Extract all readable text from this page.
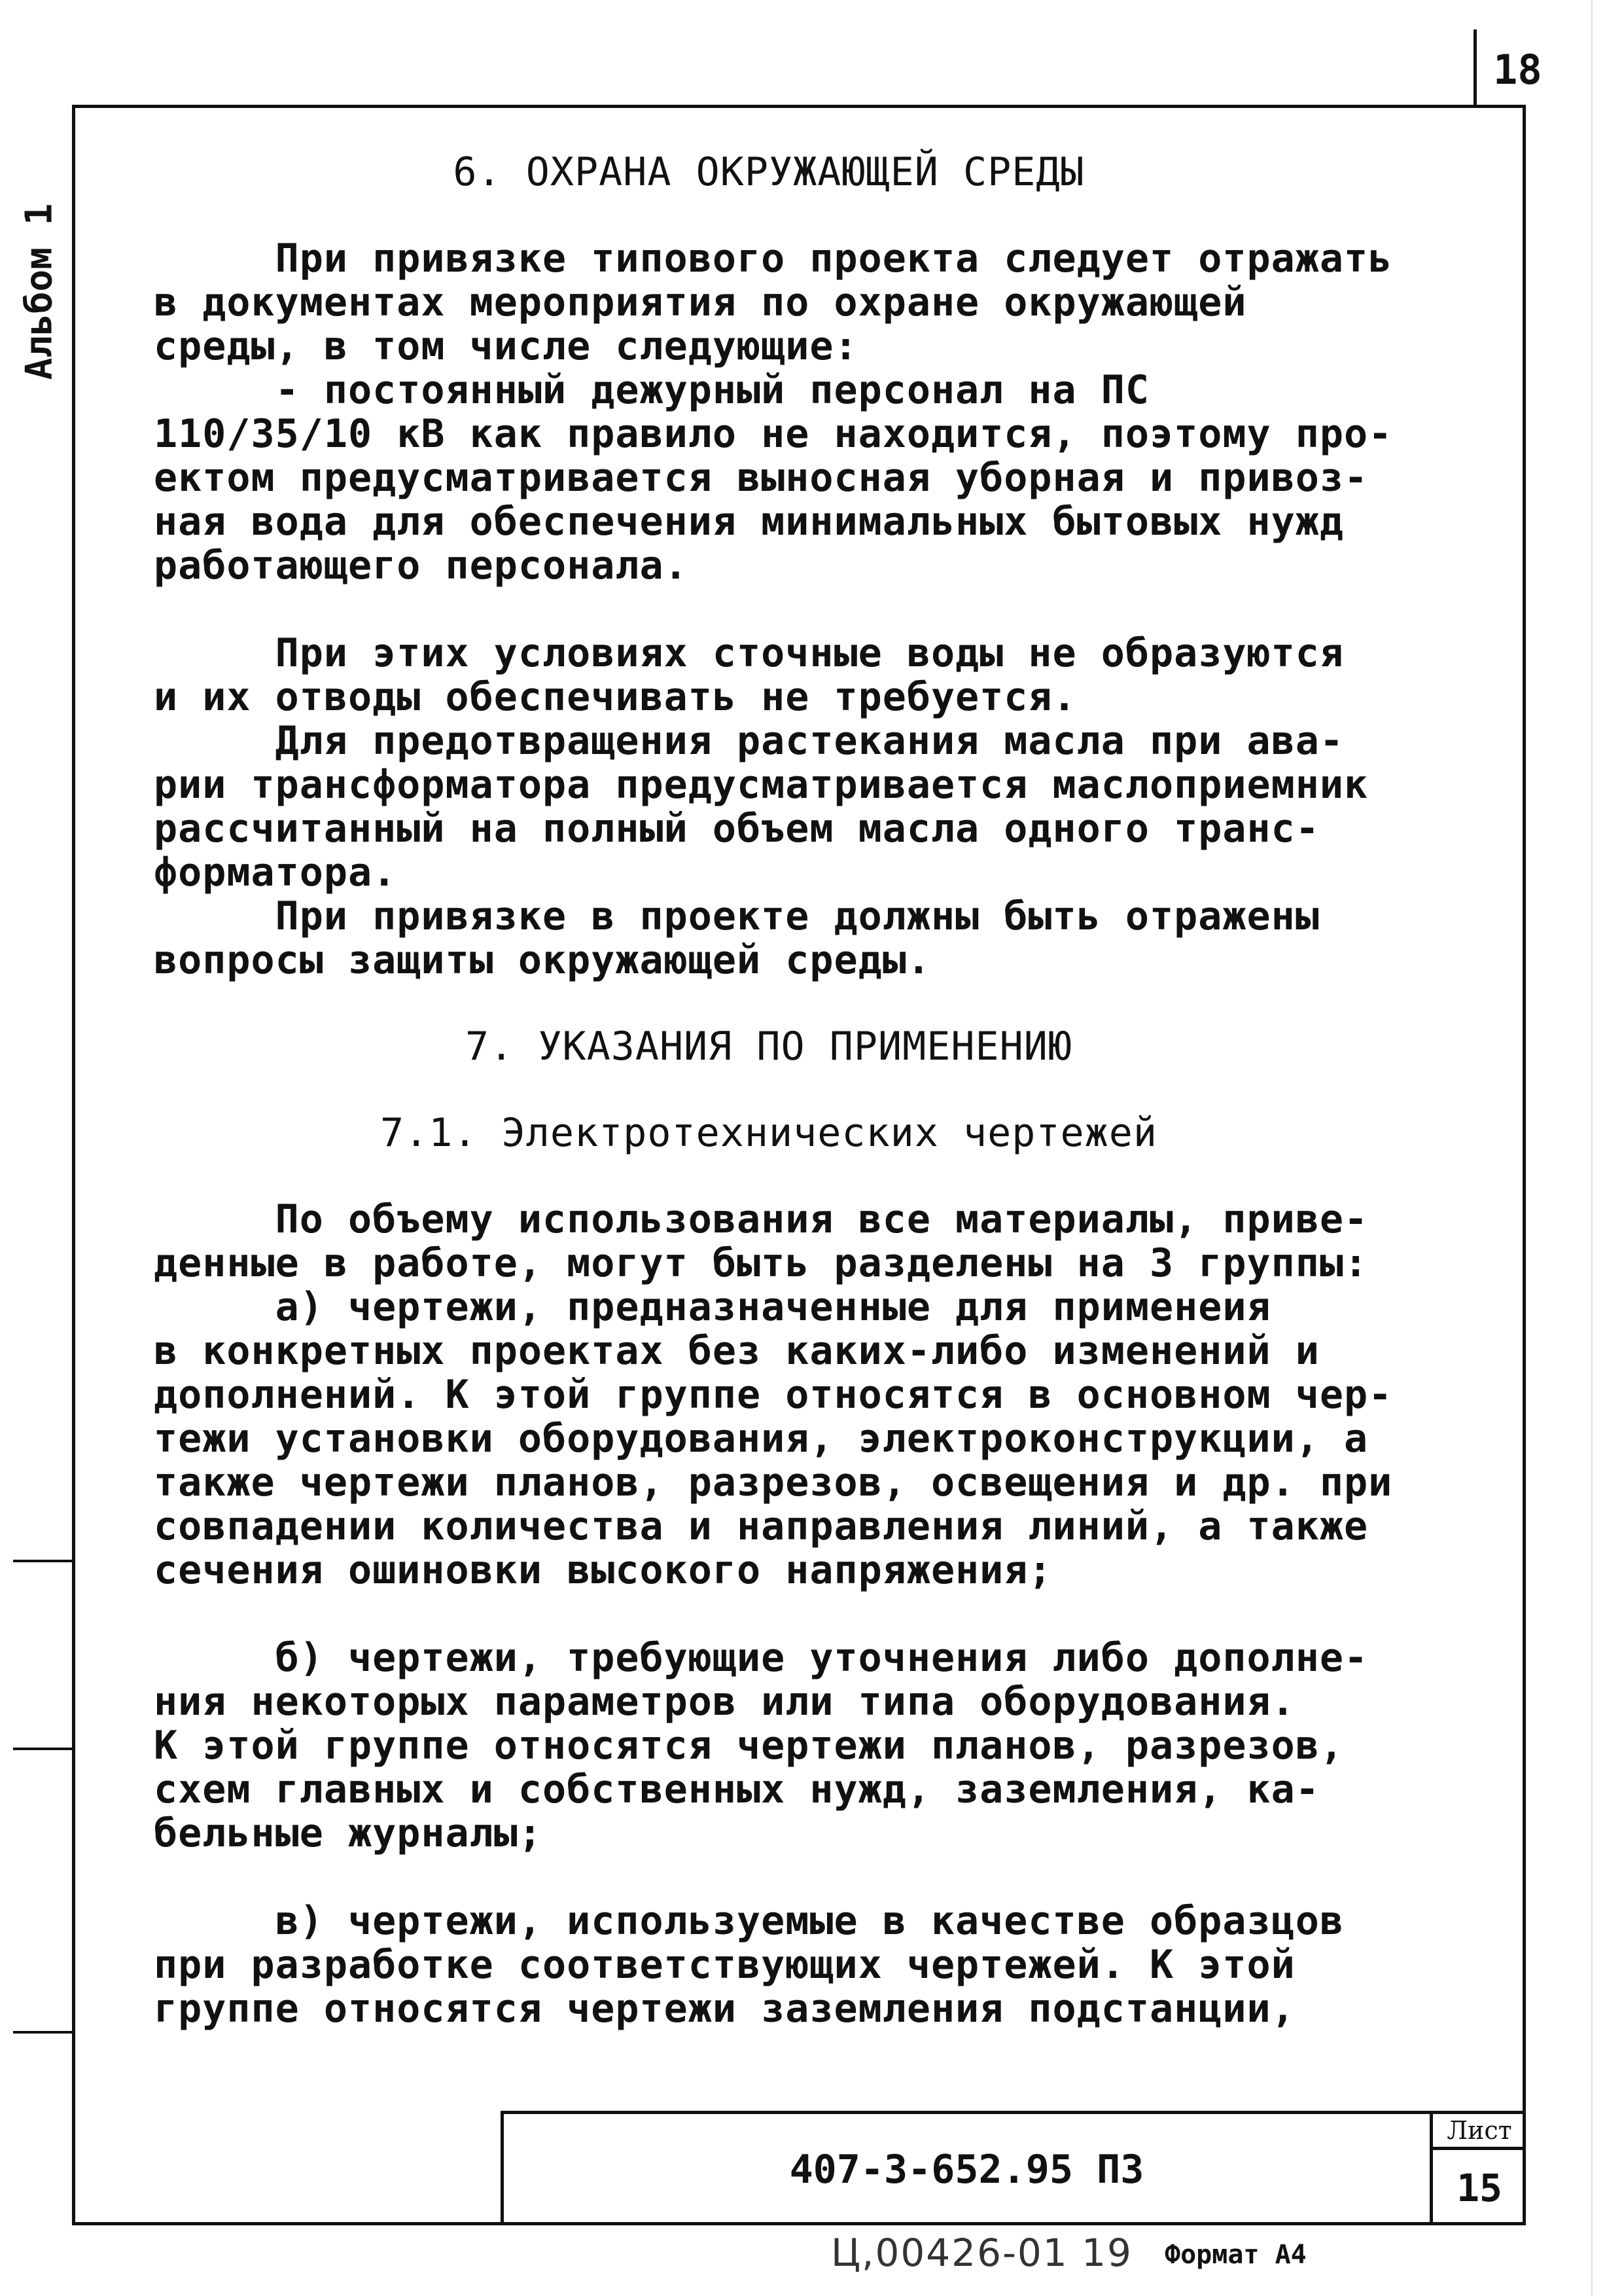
18
Альбом 1

6. ОХРАНА ОКРУЖАЮЩЕЙ СРЕДЫ

При привязке типового проекта следует отражать

в документах мероприятия по охране окружающей

среды, в том числе следующие:

- постоянный дежурный персонал на ПС

110/35/10 кВ как правило не находится, поэтому про-

ектом предусматривается выносная уборная и привоз-

ная вода для обеспечения минимальных бытовых нужд

работающего персонала.

При этих условиях сточные воды не образуются

и их отводы обеспечивать не требуется.

Для предотвращения растекания масла при ава-

рии трансформатора предусматривается маслоприемник

рассчитанный на полный объем масла одного транс-

форматора.

При привязке в проекте должны быть отражены

вопросы защиты окружающей среды.

7. УКАЗАНИЯ ПО ПРИМЕНЕНИЮ

7.1. Электротехнических чертежей

По объему использования все материалы, приве-

денные в работе, могут быть разделены на 3 группы:

а) чертежи, предназначенные для применеия

в конкретных проектах без каких-либо изменений и

дополнений. К этой группе относятся в основном чер-

тежи установки оборудования, электроконструкции, а

также чертежи планов, разрезов, освещения и др. при

совпадении количества и направления линий, а также

сечения ошиновки высокого напряжения;

б) чертежи, требующие уточнения либо дополне-

ния некоторых параметров или типа оборудования.

К этой группе относятся чертежи планов, разрезов,

схем главных и собственных нужд, заземления, ка-

бельные журналы;

в) чертежи, используемые в качестве образцов

при разработке соответствующих чертежей. К этой

группе относятся чертежи заземления подстанции,

407-3-652.95 ПЗ
Лист
15
Ц,00426-01 19 Формат А4
